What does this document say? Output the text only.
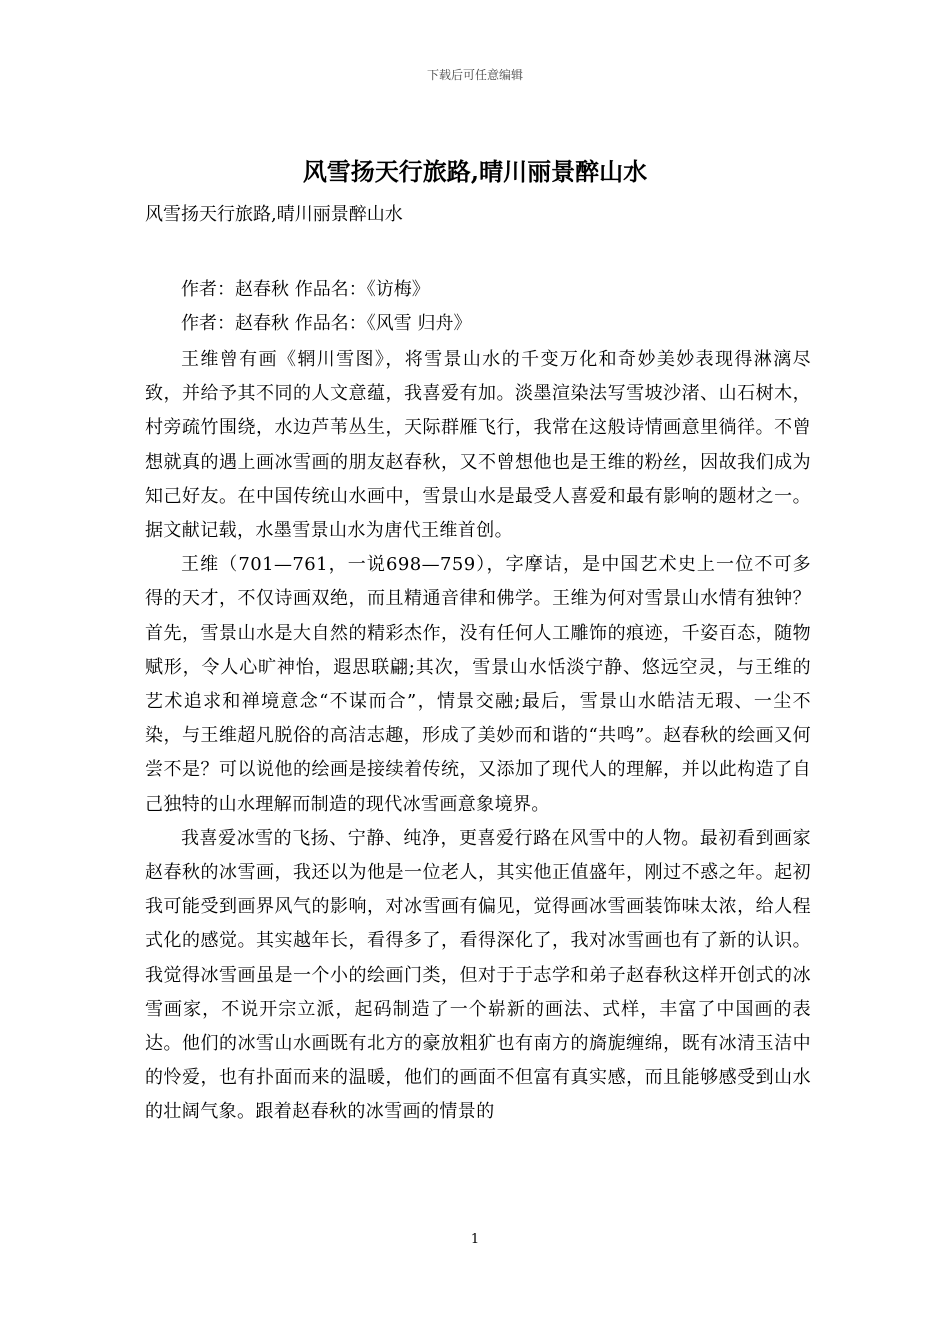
下载后可任意编辑
风雪扬天行旅路,晴川丽景醉山水
风雪扬天行旅路,晴川丽景醉山水
作者：赵春秋 作品名：《访梅》
作者：赵春秋 作品名：《风雪 归舟》

王维曾有画《辋川雪图》，将雪景山水的千变万化和奇妙美妙表现得淋漓尽致，并给予其不同的人文意蕴，我喜爱有加。淡墨渲染法写雪坡沙渚、山石树木，村旁疏竹围绕，水边芦苇丛生，天际群雁飞行，我常在这般诗情画意里徜徉。不曾想就真的遇上画冰雪画的朋友赵春秋，又不曾想他也是王维的粉丝，因故我们成为知己好友。在中国传统山水画中，雪景山水是最受人喜爱和最有影响的题材之一。据文献记载，水墨雪景山水为唐代王维首创。

王维（701—761，一说698—759），字摩诘，是中国艺术史上一位不可多得的天才，不仅诗画双绝，而且精通音律和佛学。王维为何对雪景山水情有独钟？首先，雪景山水是大自然的精彩杰作，没有任何人工雕饰的痕迹，千姿百态，随物赋形，令人心旷神怡，遐思联翩;其次，雪景山水恬淡宁静、悠远空灵，与王维的艺术追求和禅境意念“不谋而合”，情景交融;最后，雪景山水皓洁无瑕、一尘不染，与王维超凡脱俗的高洁志趣，形成了美妙而和谐的“共鸣”。赵春秋的绘画又何尝不是？可以说他的绘画是接续着传统，又添加了现代人的理解，并以此构造了自己独特的山水理解而制造的现代冰雪画意象境界。

我喜爱冰雪的飞扬、宁静、纯净，更喜爱行路在风雪中的人物。最初看到画家赵春秋的冰雪画，我还以为他是一位老人，其实他正值盛年，刚过不惑之年。起初我可能受到画界风气的影响，对冰雪画有偏见，觉得画冰雪画装饰味太浓，给人程式化的感觉。其实越年长，看得多了，看得深化了，我对冰雪画也有了新的认识。我觉得冰雪画虽是一个小的绘画门类，但对于于志学和弟子赵春秋这样开创式的冰雪画家，不说开宗立派，起码制造了一个崭新的画法、式样，丰富了中国画的表达。他们的冰雪山水画既有北方的豪放粗犷也有南方的旖旎缠绵，既有冰清玉洁中的怜爱，也有扑面而来的温暖，他们的画面不但富有真实感，而且能够感受到山水的壮阔气象。跟着赵春秋的冰雪画的情景的

1
